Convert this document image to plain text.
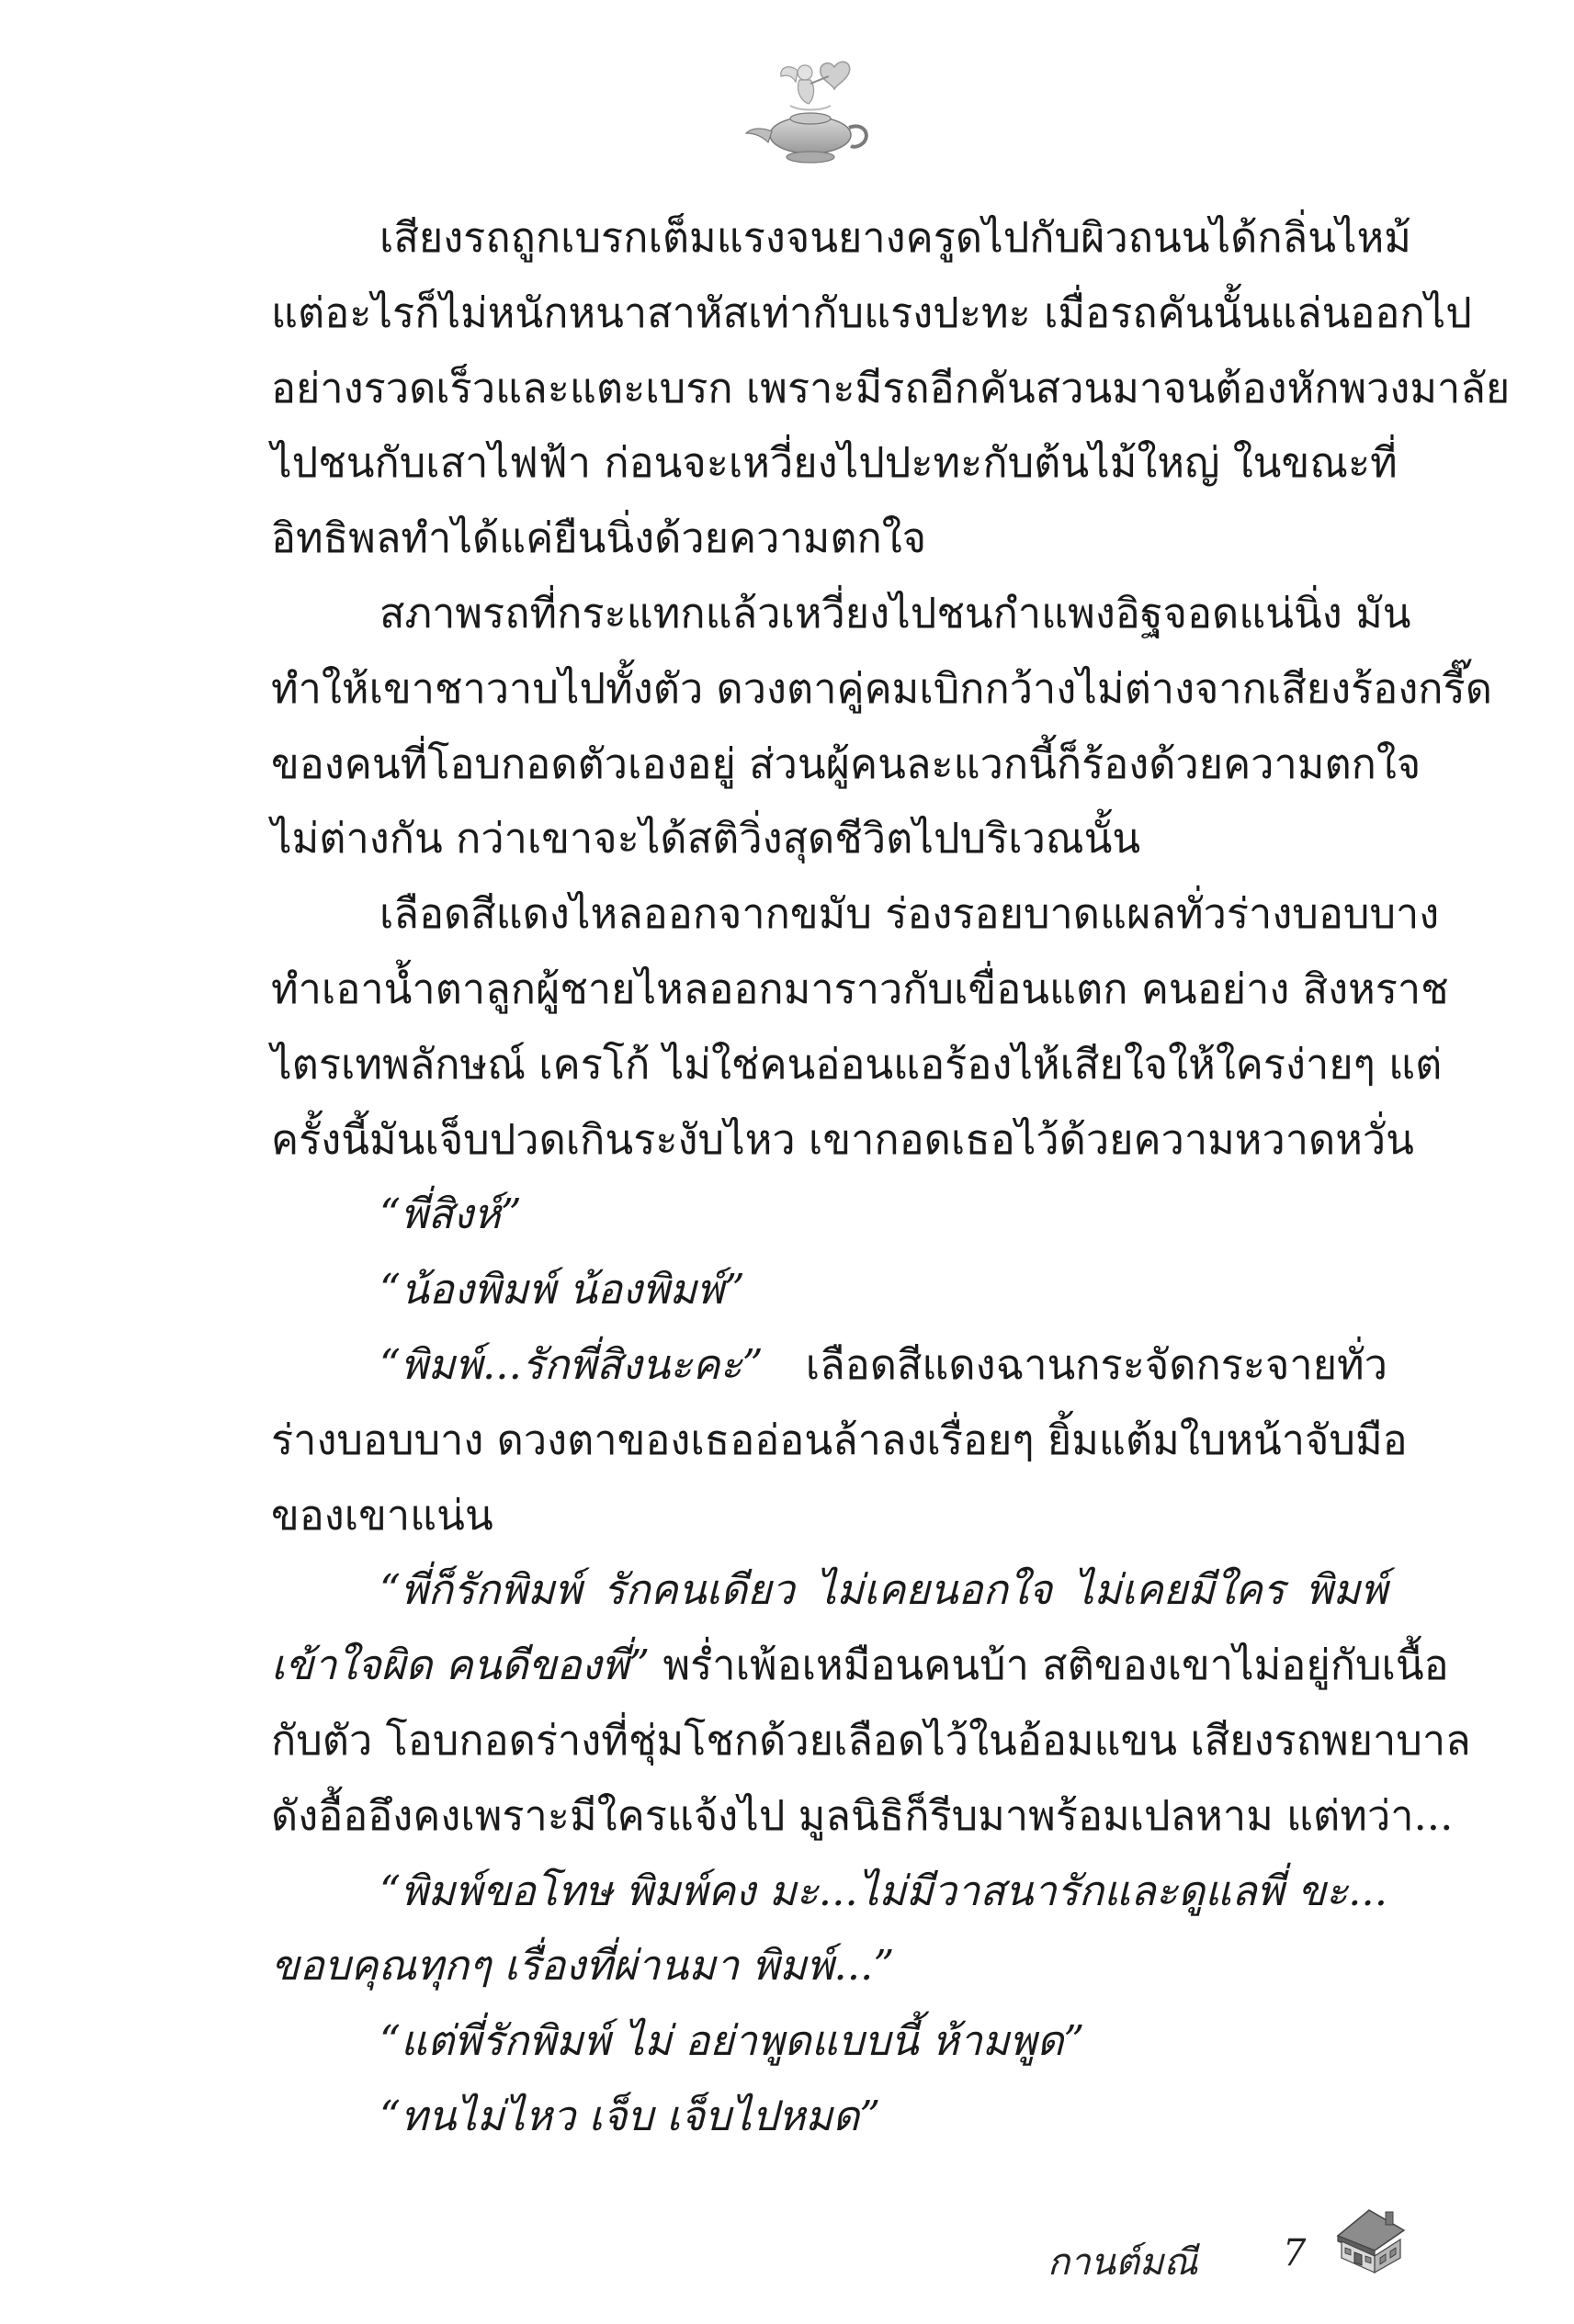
เสียงรถถูกเบรกเต็มแรงจนยางครูดไปกับผิวถนนได้กลิ่นไหม้
แต่อะไรก็ไม่หนักหนาสาหัสเท่ากับแรงปะทะ เมื่อรถคันนั้นแล่นออกไป
อย่างรวดเร็วและแตะเบรก เพราะมีรถอีกคันสวนมาจนต้องหักพวงมาลัย
ไปชนกับเสาไฟฟ้า ก่อนจะเหวี่ยงไปปะทะกับต้นไม้ใหญ่ ในขณะที่
อิทธิพลทำได้แค่ยืนนิ่งด้วยความตกใจ
สภาพรถที่กระแทกแล้วเหวี่ยงไปชนกำแพงอิฐจอดแน่นิ่ง มัน
ทำให้เขาชาวาบไปทั้งตัว ดวงตาคู่คมเบิกกว้างไม่ต่างจากเสียงร้องกรี๊ด
ของคนที่โอบกอดตัวเองอยู่ ส่วนผู้คนละแวกนี้ก็ร้องด้วยความตกใจ
ไม่ต่างกัน กว่าเขาจะได้สติวิ่งสุดชีวิตไปบริเวณนั้น
เลือดสีแดงไหลออกจากขมับ ร่องรอยบาดแผลทั่วร่างบอบบาง
ทำเอาน้ำตาลูกผู้ชายไหลออกมาราวกับเขื่อนแตก คนอย่าง สิงหราช
ไตรเทพลักษณ์ เครโก้ ไม่ใช่คนอ่อนแอร้องไห้เสียใจให้ใครง่ายๆ แต่
ครั้งนี้มันเจ็บปวดเกินระงับไหว เขากอดเธอไว้ด้วยความหวาดหวั่น
“พี่สิงห์”
“น้องพิมพ์ น้องพิมพ์”
“พิมพ์...รักพี่สิงนะคะ” เลือดสีแดงฉานกระจัดกระจายทั่ว
ร่างบอบบาง ดวงตาของเธออ่อนล้าลงเรื่อยๆ ยิ้มแต้มใบหน้าจับมือ
ของเขาแน่น
“พี่ก็รักพิมพ์ รักคนเดียว ไม่เคยนอกใจ ไม่เคยมีใคร พิมพ์
เข้าใจผิด คนดีของพี่” พร่ำเพ้อเหมือนคนบ้า สติของเขาไม่อยู่กับเนื้อ
กับตัว โอบกอดร่างที่ชุ่มโชกด้วยเลือดไว้ในอ้อมแขน เสียงรถพยาบาล
ดังอื้ออึงคงเพราะมีใครแจ้งไป มูลนิธิก็รีบมาพร้อมเปลหาม แต่ทว่า...
“พิมพ์ขอโทษ พิมพ์คง มะ...ไม่มีวาสนารักและดูแลพี่ ขะ...
ขอบคุณทุกๆ เรื่องที่ผ่านมา พิมพ์...”
“แต่พี่รักพิมพ์ ไม่ อย่าพูดแบบนี้ ห้ามพูด”
“ทนไม่ไหว เจ็บ เจ็บไปหมด”
กานต์มณี 7
